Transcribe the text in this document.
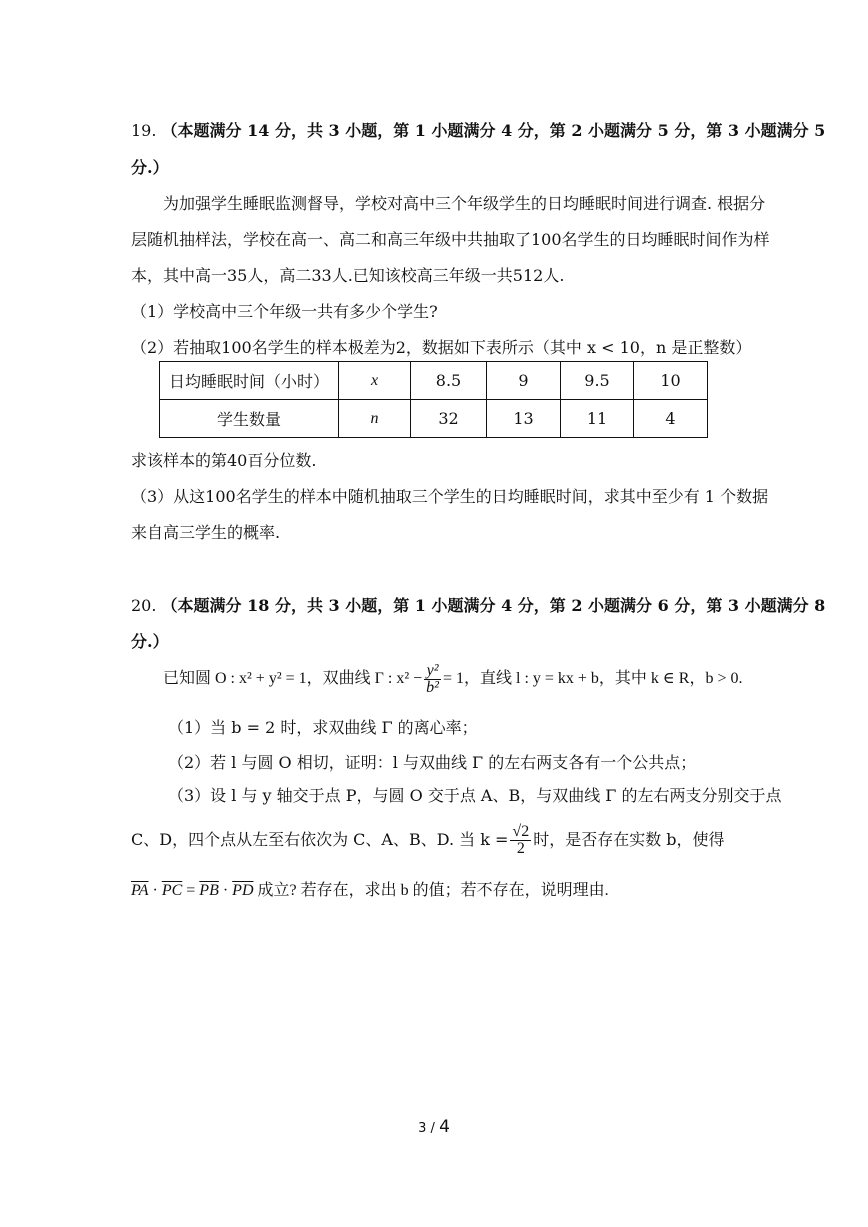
19. （本题满分 14 分，共 3 小题，第 1 小题满分 4 分，第 2 小题满分 5 分，第 3 小题满分 5
分.）
为加强学生睡眠监测督导，学校对高中三个年级学生的日均睡眠时间进行调查. 根据分
层随机抽样法，学校在高一、高二和高三年级中共抽取了100名学生的日均睡眠时间作为样
本，其中高一35人，高二33人.已知该校高三年级一共512人.
（1）学校高中三个年级一共有多少个学生?
（2）若抽取100名学生的样本极差为2，数据如下表所示（其中 x < 10，n 是正整数）
日均睡眠时间（小时）	x	8.5	9	9.5	10
学生数量	n	32	13	11	4
求该样本的第40百分位数.
（3）从这100名学生的样本中随机抽取三个学生的日均睡眠时间，求其中至少有 1 个数据
来自高三学生的概率.
20. （本题满分 18 分，共 3 小题，第 1 小题满分 4 分，第 2 小题满分 6 分，第 3 小题满分 8
分.）
已知圆 O : x² + y² = 1，双曲线 Γ : $x^2 - \frac{\text{y²}}{\text{b²}} = 1$，直线 l : y = kx + b，其中 k ∈ R，b > 0.
（1）当 b = 2 时，求双曲线 Γ 的离心率；
（2）若 l 与圆 O 相切，证明：l 与双曲线 Γ 的左右两支各有一个公共点；
（3）设 l 与 y 轴交于点 P，与圆 O 交于点 A、B，与双曲线 Γ 的左右两支分别交于点
C、D，四个点从左至右依次为 C、A、B、D. 当 $k = \frac{√2}{2}$ 时，是否存在实数 b，使得
$\overline{PA} \cdot \overline{PC} = \overline{PB} \cdot \overline{PD}$ 成立? 若存在，求出 b 的值；若不存在，说明理由.
3 / 4
